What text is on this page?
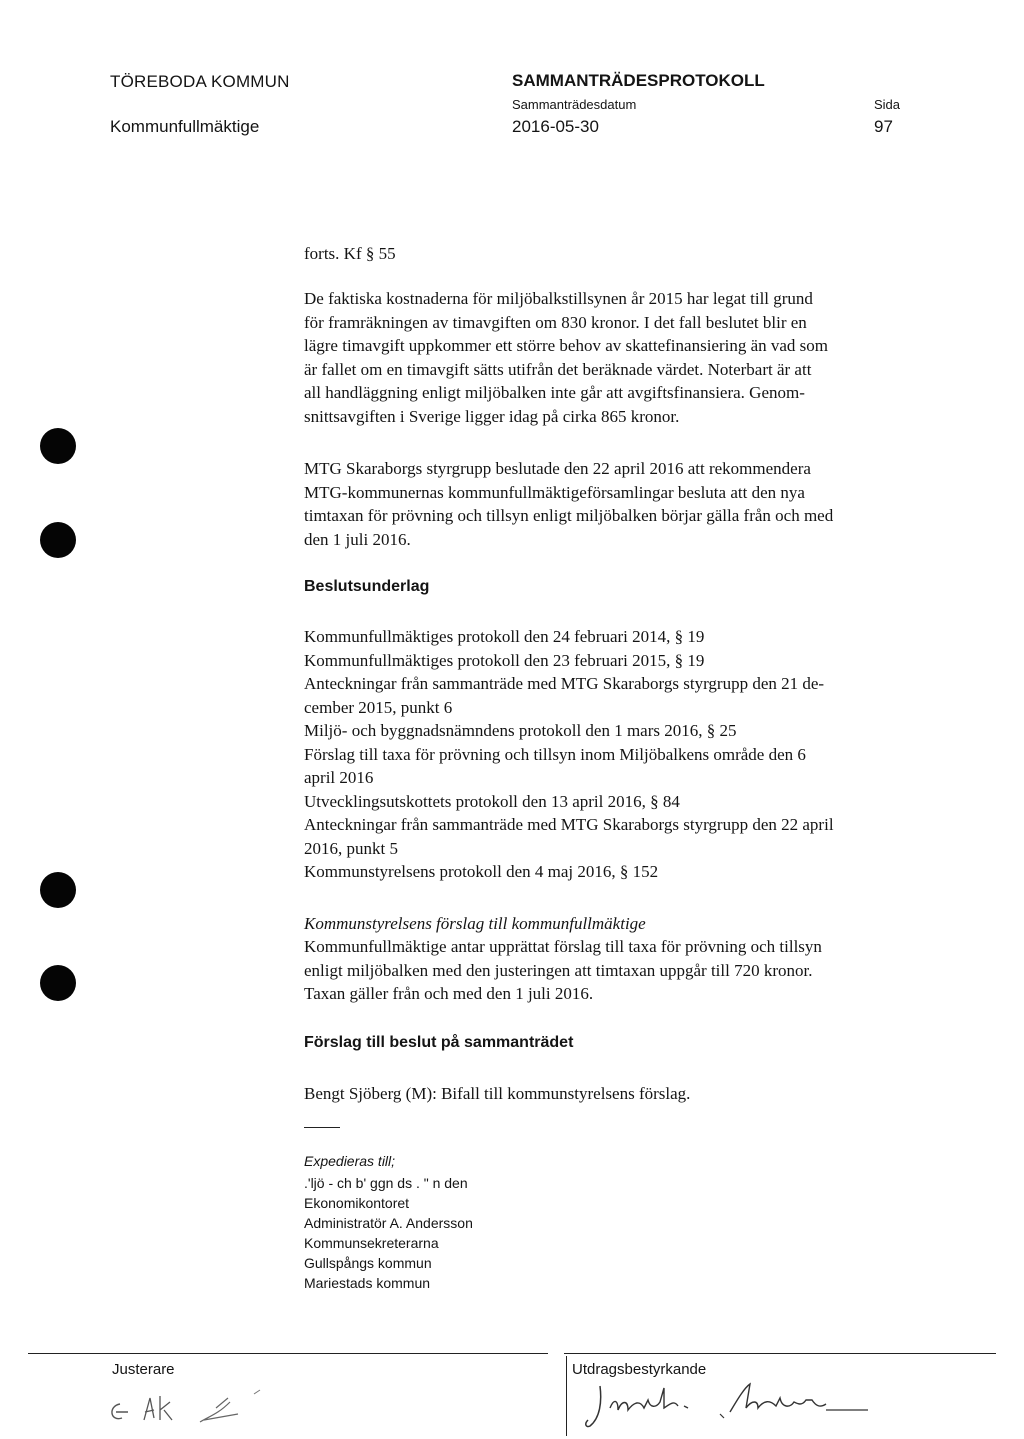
TÖREBODA KOMMUN
Kommunfullmäktige
SAMMANTRÄDESPROTOKOLL
Sammanträdesdatum
2016-05-30
Sida
97
forts. Kf § 55
De faktiska kostnaderna för miljöbalkstillsynen år 2015 har legat till grund
för framräkningen av timavgiften om 830 kronor. I det fall beslutet blir en
lägre timavgift uppkommer ett större behov av skattefinansiering än vad som
är fallet om en timavgift sätts utifrån det beräknade värdet. Noterbart är att
all handläggning enligt miljöbalken inte går att avgiftsfinansiera. Genom-
snittsavgiften i Sverige ligger idag på cirka 865 kronor.
MTG Skaraborgs styrgrupp beslutade den 22 april 2016 att rekommendera
MTG-kommunernas kommunfullmäktigeförsamlingar besluta att den nya
timtaxan för prövning och tillsyn enligt miljöbalken börjar gälla från och med
den 1 juli 2016.
Beslutsunderlag
Kommunfullmäktiges protokoll den 24 februari 2014, § 19
Kommunfullmäktiges protokoll den 23 februari 2015, § 19
Anteckningar från sammanträde med MTG Skaraborgs styrgrupp den 21 de-
cember 2015, punkt 6
Miljö- och byggnadsnämndens protokoll den 1 mars 2016, § 25
Förslag till taxa för prövning och tillsyn inom Miljöbalkens område den 6
april 2016
Utvecklingsutskottets protokoll den 13 april 2016, § 84
Anteckningar från sammanträde med MTG Skaraborgs styrgrupp den 22 april
2016, punkt 5
Kommunstyrelsens protokoll den 4 maj 2016, § 152
Kommunstyrelsens förslag till kommunfullmäktige
Kommunfullmäktige antar upprättat förslag till taxa för prövning och tillsyn
enligt miljöbalken med den justeringen att timtaxan uppgår till 720 kronor.
Taxan gäller från och med den 1 juli 2016.
Förslag till beslut på sammanträdet
Bengt Sjöberg (M): Bifall till kommunstyrelsens förslag.
Expedieras till;
.'ljö - ch b' ggn ds . " n den
Ekonomikontoret
Administratör A. Andersson
Kommunsekreterarna
Gullspångs kommun
Mariestads kommun
Justerare	Utdragsbestyrkande
